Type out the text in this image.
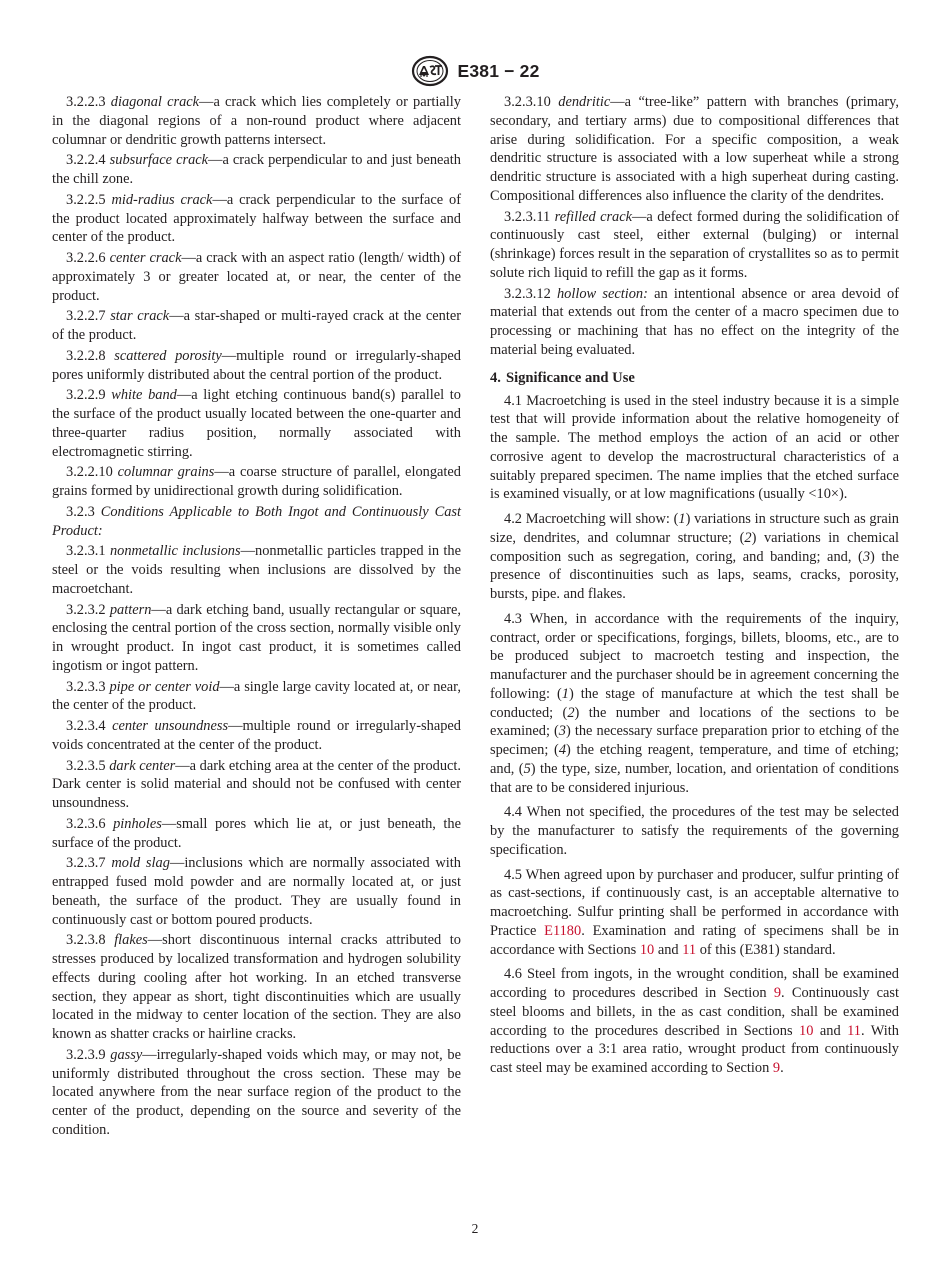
E381 − 22

3.2.2.3 diagonal crack—a crack which lies completely or partially in the diagonal regions of a non-round product where adjacent columnar or dendritic growth patterns intersect.

3.2.2.4 subsurface crack—a crack perpendicular to and just beneath the chill zone.

3.2.2.5 mid-radius crack—a crack perpendicular to the surface of the product located approximately halfway between the surface and center of the product.

3.2.2.6 center crack—a crack with an aspect ratio (length/ width) of approximately 3 or greater located at, or near, the center of the product.

3.2.2.7 star crack—a star-shaped or multi-rayed crack at the center of the product.

3.2.2.8 scattered porosity—multiple round or irregularly-shaped pores uniformly distributed about the central portion of the product.

3.2.2.9 white band—a light etching continuous band(s) parallel to the surface of the product usually located between the one-quarter and three-quarter radius position, normally associated with electromagnetic stirring.

3.2.2.10 columnar grains—a coarse structure of parallel, elongated grains formed by unidirectional growth during solidification.

3.2.3 Conditions Applicable to Both Ingot and Continuously Cast Product:

3.2.3.1 nonmetallic inclusions—nonmetallic particles trapped in the steel or the voids resulting when inclusions are dissolved by the macroetchant.

3.2.3.2 pattern—a dark etching band, usually rectangular or square, enclosing the central portion of the cross section, normally visible only in wrought product. In ingot cast product, it is sometimes called ingotism or ingot pattern.

3.2.3.3 pipe or center void—a single large cavity located at, or near, the center of the product.

3.2.3.4 center unsoundness—multiple round or irregularly-shaped voids concentrated at the center of the product.

3.2.3.5 dark center—a dark etching area at the center of the product. Dark center is solid material and should not be confused with center unsoundness.

3.2.3.6 pinholes—small pores which lie at, or just beneath, the surface of the product.

3.2.3.7 mold slag—inclusions which are normally associated with entrapped fused mold powder and are normally located at, or just beneath, the surface of the product. They are usually found in continuously cast or bottom poured products.

3.2.3.8 flakes—short discontinuous internal cracks attributed to stresses produced by localized transformation and hydrogen solubility effects during cooling after hot working. In an etched transverse section, they appear as short, tight discontinuities which are usually located in the midway to center location of the section. They are also known as shatter cracks or hairline cracks.

3.2.3.9 gassy—irregularly-shaped voids which may, or may not, be uniformly distributed throughout the cross section. These may be located anywhere from the near surface region of the product to the center of the product, depending on the source and severity of the condition.

3.2.3.10 dendritic—a “tree-like” pattern with branches (primary, secondary, and tertiary arms) due to compositional differences that arise during solidification. For a specific composition, a weak dendritic structure is associated with a low superheat while a strong dendritic structure is associated with a high superheat during casting. Compositional differences also influence the clarity of the dendrites.

3.2.3.11 refilled crack—a defect formed during the solidification of continuously cast steel, either external (bulging) or internal (shrinkage) forces result in the separation of crystallites so as to permit solute rich liquid to refill the gap as it forms.

3.2.3.12 hollow section: an intentional absence or area devoid of material that extends out from the center of a macro specimen due to processing or machining that has no effect on the integrity of the material being evaluated.

4. Significance and Use

4.1 Macroetching is used in the steel industry because it is a simple test that will provide information about the relative homogeneity of the sample. The method employs the action of an acid or other corrosive agent to develop the macrostructural characteristics of a suitably prepared specimen. The name implies that the etched surface is examined visually, or at low magnifications (usually <10×).

4.2 Macroetching will show: (1) variations in structure such as grain size, dendrites, and columnar structure; (2) variations in chemical composition such as segregation, coring, and banding; and, (3) the presence of discontinuities such as laps, seams, cracks, porosity, bursts, pipe. and flakes.

4.3 When, in accordance with the requirements of the inquiry, contract, order or specifications, forgings, billets, blooms, etc., are to be produced subject to macroetch testing and inspection, the manufacturer and the purchaser should be in agreement concerning the following: (1) the stage of manufacture at which the test shall be conducted; (2) the number and locations of the sections to be examined; (3) the necessary surface preparation prior to etching of the specimen; (4) the etching reagent, temperature, and time of etching; and, (5) the type, size, number, location, and orientation of conditions that are to be considered injurious.

4.4 When not specified, the procedures of the test may be selected by the manufacturer to satisfy the requirements of the governing specification.

4.5 When agreed upon by purchaser and producer, sulfur printing of as cast-sections, if continuously cast, is an acceptable alternative to macroetching. Sulfur printing shall be performed in accordance with Practice E1180. Examination and rating of specimens shall be in accordance with Sections 10 and 11 of this (E381) standard.

4.6 Steel from ingots, in the wrought condition, shall be examined according to procedures described in Section 9. Continuously cast steel blooms and billets, in the as cast condition, shall be examined according to the procedures described in Sections 10 and 11. With reductions over a 3:1 area ratio, wrought product from continuously cast steel may be examined according to Section 9.

2
